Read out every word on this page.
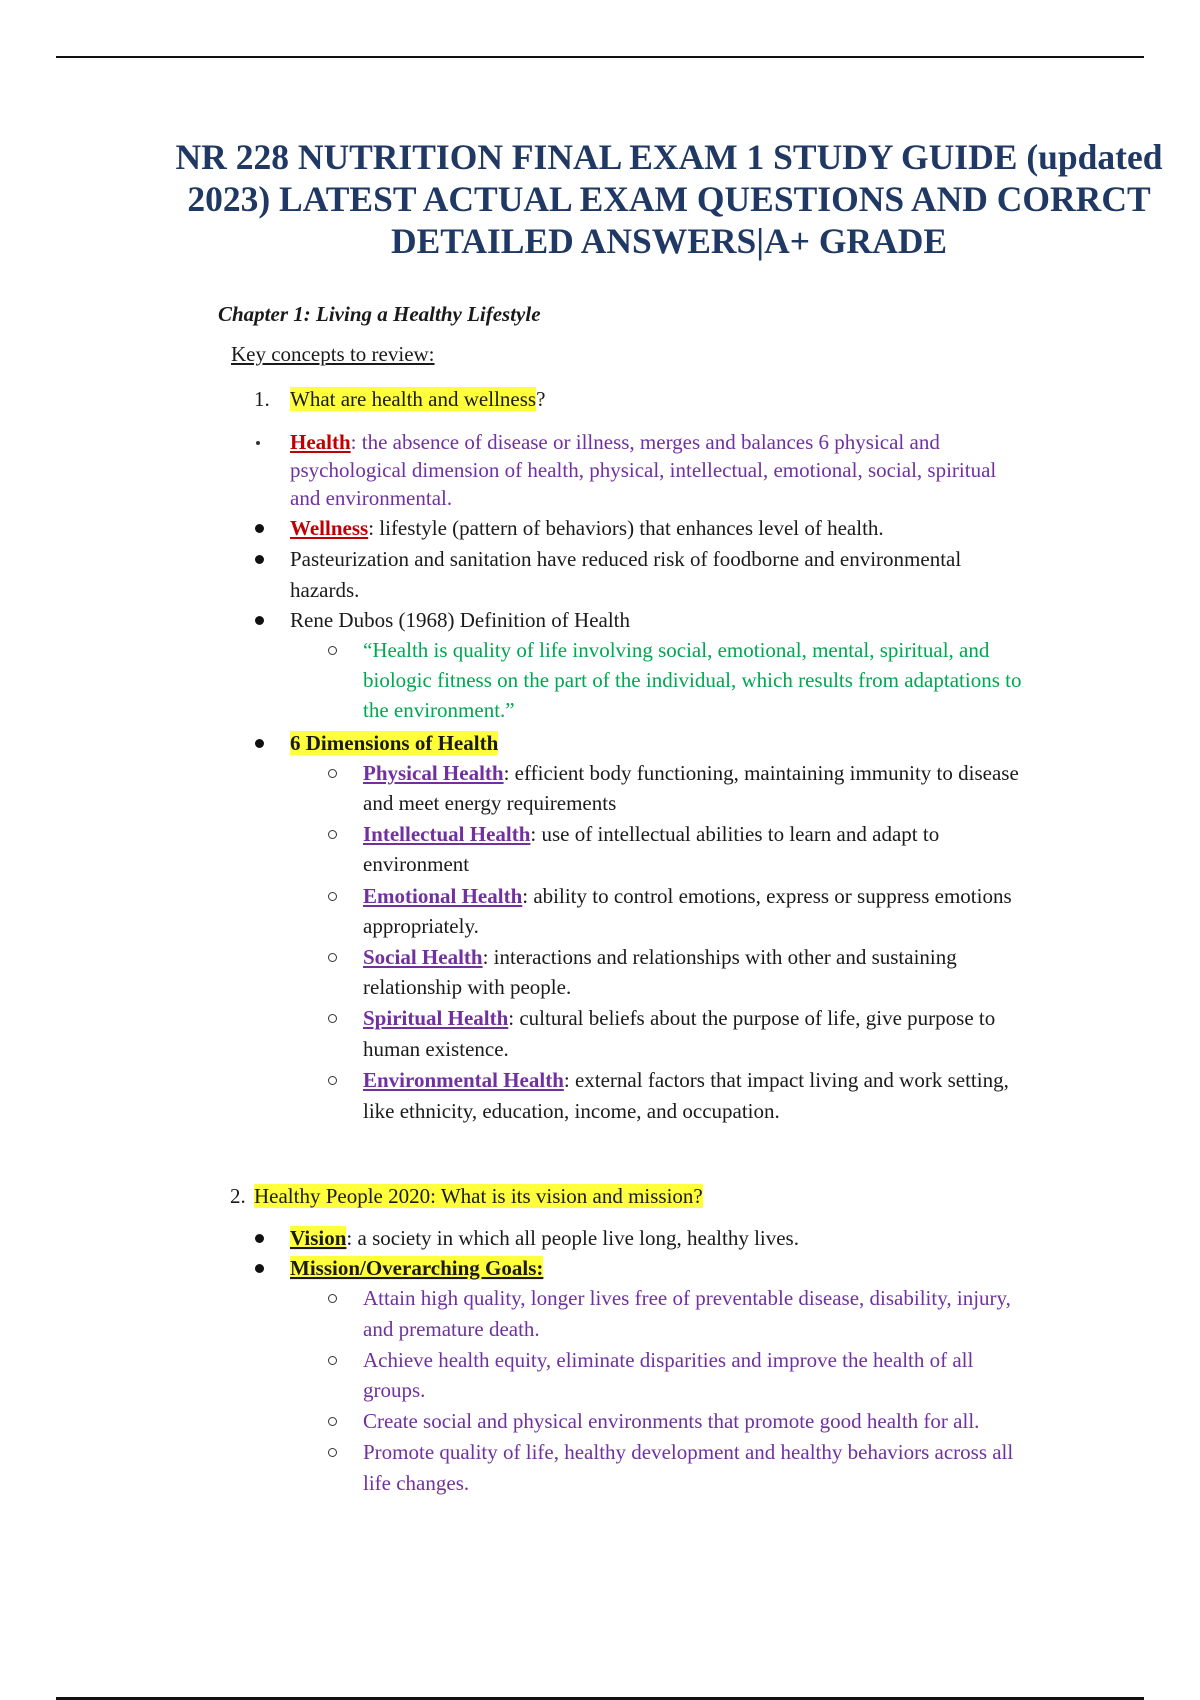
NR 228 NUTRITION FINAL EXAM 1 STUDY GUIDE (updated 2023) LATEST ACTUAL EXAM QUESTIONS AND CORRCT DETAILED ANSWERS|A+ GRADE

Chapter 1: Living a Healthy Lifestyle

Key concepts to review:

1. What are health and wellness?

Health: the absence of disease or illness, merges and balances 6 physical and

psychological dimension of health, physical, intellectual, emotional, social, spiritual

and environmental.

Wellness: lifestyle (pattern of behaviors) that enhances level of health.

Pasteurization and sanitation have reduced risk of foodborne and environmental

hazards.

Rene Dubos (1968) Definition of Health

“Health is quality of life involving social, emotional, mental, spiritual, and

biologic fitness on the part of the individual, which results from adaptations to

the environment.”

6 Dimensions of Health

Physical Health: efficient body functioning, maintaining immunity to disease

and meet energy requirements

Intellectual Health: use of intellectual abilities to learn and adapt to

environment

Emotional Health: ability to control emotions, express or suppress emotions

appropriately.

Social Health: interactions and relationships with other and sustaining

relationship with people.

Spiritual Health: cultural beliefs about the purpose of life, give purpose to

human existence.

Environmental Health: external factors that impact living and work setting,

like ethnicity, education, income, and occupation.

2. Healthy People 2020: What is its vision and mission?

Vision: a society in which all people live long, healthy lives.

Mission/Overarching Goals:

Attain high quality, longer lives free of preventable disease, disability, injury,

and premature death.

Achieve health equity, eliminate disparities and improve the health of all

groups.

Create social and physical environments that promote good health for all.

Promote quality of life, healthy development and healthy behaviors across all

life changes.
